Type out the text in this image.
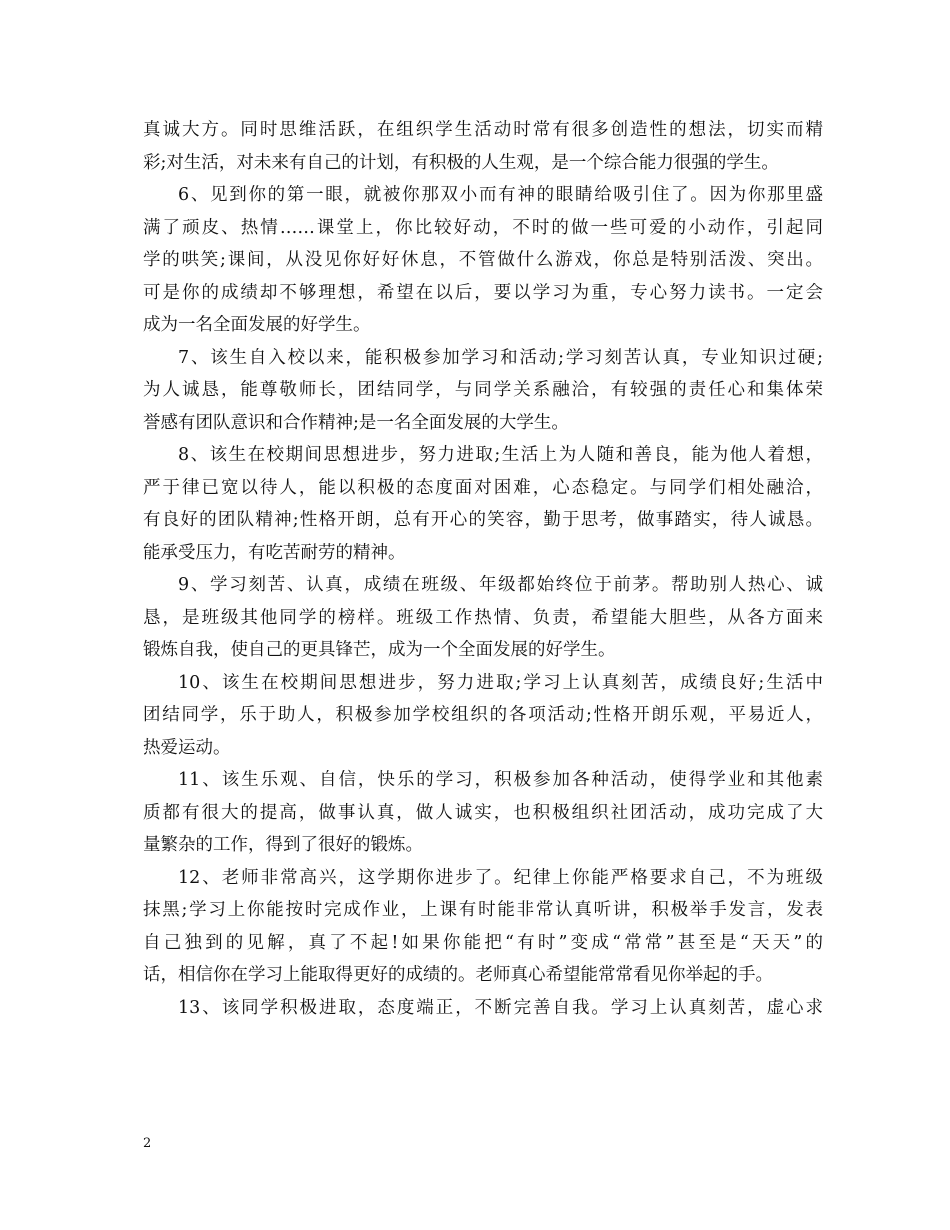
真诚大方。同时思维活跃，在组织学生活动时常有很多创造性的想法，切实而精
彩;对生活，对未来有自己的计划，有积极的人生观，是一个综合能力很强的学生。
6、见到你的第一眼，就被你那双小而有神的眼睛给吸引住了。因为你那里盛
满了顽皮、热情……课堂上，你比较好动，不时的做一些可爱的小动作，引起同
学的哄笑;课间，从没见你好好休息，不管做什么游戏，你总是特别活泼、突出。
可是你的成绩却不够理想，希望在以后，要以学习为重，专心努力读书。一定会
成为一名全面发展的好学生。
7、该生自入校以来，能积极参加学习和活动;学习刻苦认真，专业知识过硬;
为人诚恳，能尊敬师长，团结同学，与同学关系融洽，有较强的责任心和集体荣
誉感有团队意识和合作精神;是一名全面发展的大学生。
8、该生在校期间思想进步，努力进取;生活上为人随和善良，能为他人着想，
严于律已宽以待人，能以积极的态度面对困难，心态稳定。与同学们相处融洽，
有良好的团队精神;性格开朗，总有开心的笑容，勤于思考，做事踏实，待人诚恳。
能承受压力，有吃苦耐劳的精神。
9、学习刻苦、认真，成绩在班级、年级都始终位于前茅。帮助别人热心、诚
恳，是班级其他同学的榜样。班级工作热情、负责，希望能大胆些，从各方面来
锻炼自我，使自己的更具锋芒，成为一个全面发展的好学生。
10、该生在校期间思想进步，努力进取;学习上认真刻苦，成绩良好;生活中
团结同学，乐于助人，积极参加学校组织的各项活动;性格开朗乐观，平易近人，
热爱运动。
11、该生乐观、自信，快乐的学习，积极参加各种活动，使得学业和其他素
质都有很大的提高，做事认真，做人诚实，也积极组织社团活动，成功完成了大
量繁杂的工作，得到了很好的锻炼。
12、老师非常高兴，这学期你进步了。纪律上你能严格要求自己，不为班级
抹黑;学习上你能按时完成作业，上课有时能非常认真听讲，积极举手发言，发表
自己独到的见解，真了不起!如果你能把“有时”变成“常常”甚至是“天天”的
话，相信你在学习上能取得更好的成绩的。老师真心希望能常常看见你举起的手。
13、该同学积极进取，态度端正，不断完善自我。学习上认真刻苦，虚心求
2
